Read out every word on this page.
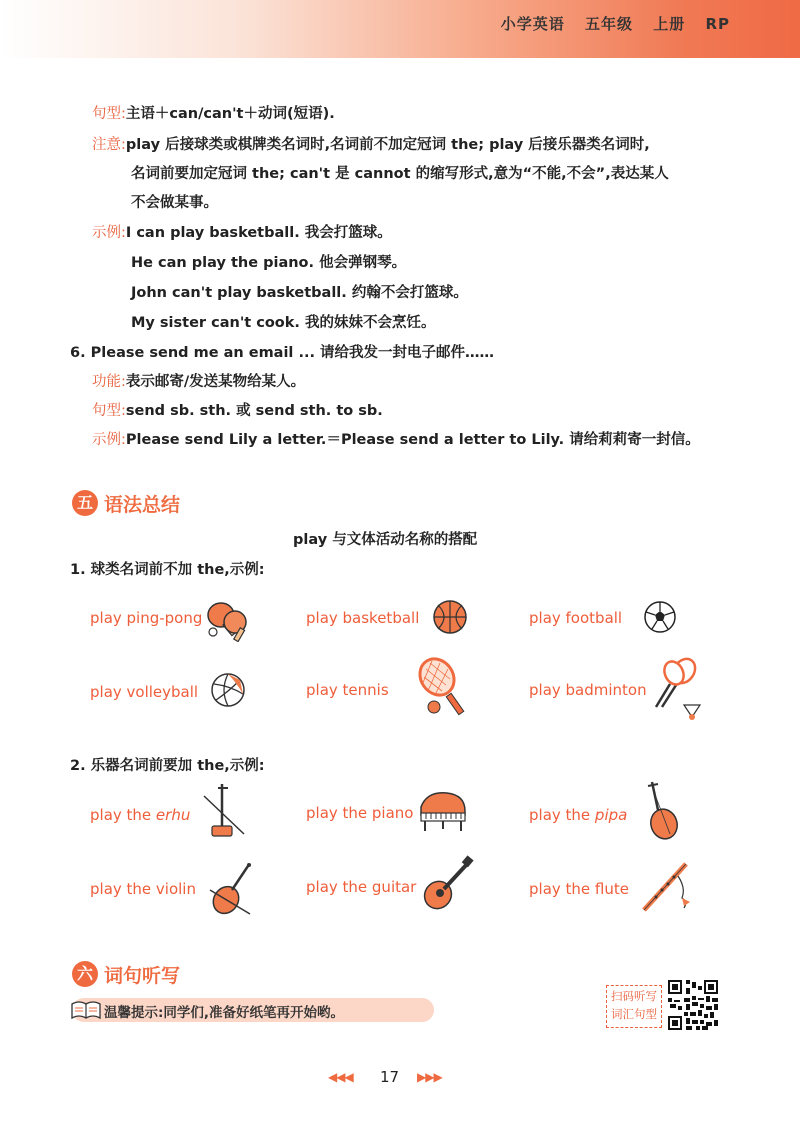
小学英语 五年级 上册 RP
句型:主语＋can/can't＋动词(短语).
注意:play 后接球类或棋牌类名词时,名词前不加定冠词 the; play 后接乐器类名词时,
名词前要加定冠词 the; can't 是 cannot 的缩写形式,意为“不能,不会”,表达某人
不会做某事。
示例:I can play basketball. 我会打篮球。
He can play the piano. 他会弹钢琴。
John can't play basketball. 约翰不会打篮球。
My sister can't cook. 我的妹妹不会烹饪。
6. Please send me an email ... 请给我发一封电子邮件……
功能:表示邮寄/发送某物给某人。
句型:send sb. sth. 或 send sth. to sb.
示例:Please send Lily a letter.＝Please send a letter to Lily. 请给莉莉寄一封信。
五 语法总结
play 与文体活动名称的搭配
1. 球类名词前不加 the,示例:
play ping-pong	play basketball	play football
play volleyball	play tennis	play badminton
2. 乐器名词前要加 the,示例:
play the erhu	play the piano	play the pipa
play the violin	play the guitar	play the flute
六 词句听写
温馨提示:同学们,准备好纸笔再开始哟。
扫码听写
词汇句型
◀◀◀ 17 ▶▶▶
